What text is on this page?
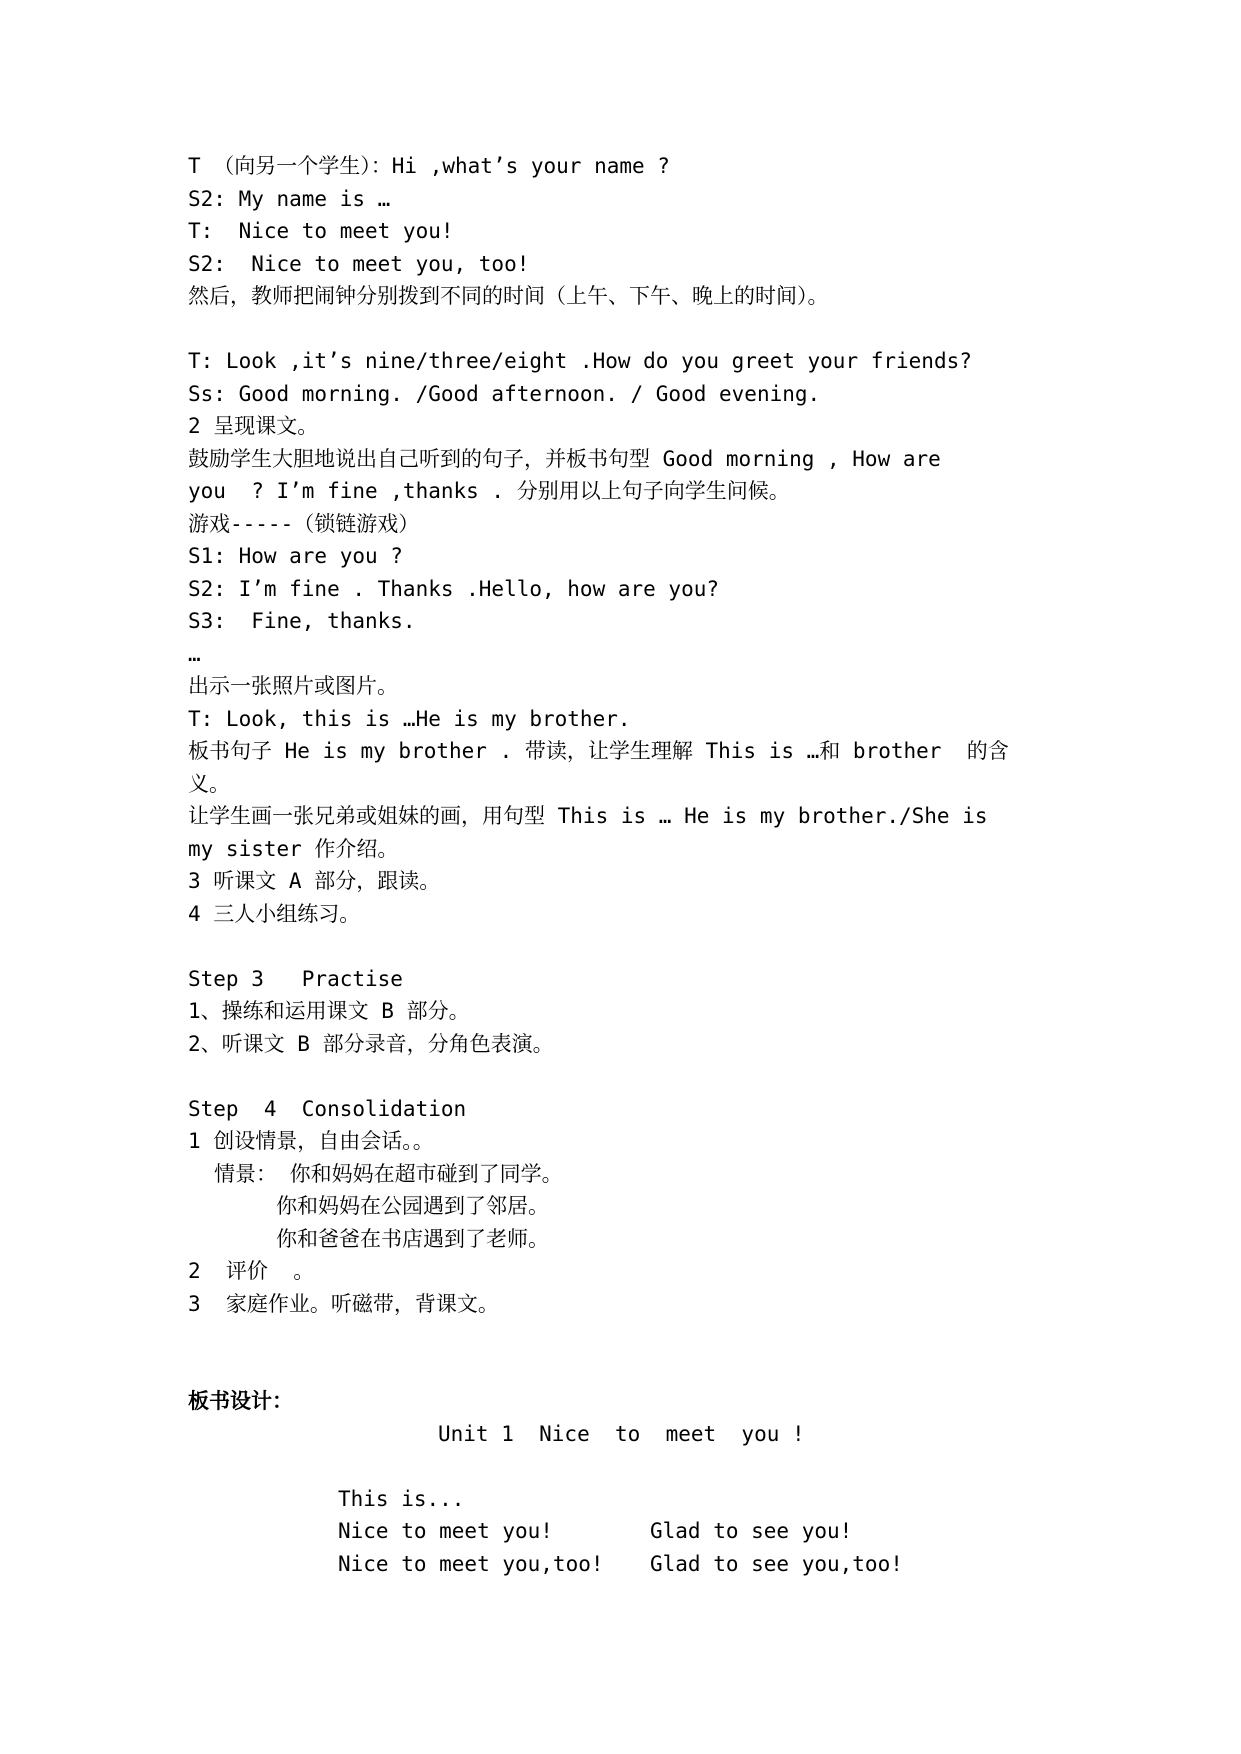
T （向另一个学生）：Hi ,what’s your name ?
S2: My name is …
T:  Nice to meet you!
S2:  Nice to meet you, too!
然后，教师把闹钟分别拨到不同的时间（上午、下午、晚上的时间）。
T: Look ,it’s nine/three/eight .How do you greet your friends?
Ss: Good morning. /Good afternoon. / Good evening.
2 呈现课文。
鼓励学生大胆地说出自己听到的句子，并板书句型 Good morning , How are
you  ? I’m fine ,thanks . 分别用以上句子向学生问候。
游戏-----（锁链游戏）
S1: How are you ?
S2: I’m fine . Thanks .Hello, how are you?
S3:  Fine, thanks.
…
出示一张照片或图片。
T: Look, this is …He is my brother.
板书句子 He is my brother . 带读，让学生理解 This is …和 brother  的含
义。
让学生画一张兄弟或姐妹的画，用句型 This is … He is my brother./She is
my sister 作介绍。
3 听课文 A 部分，跟读。
4 三人小组练习。
Step 3   Practise
1、操练和运用课文 B 部分。
2、听课文 B 部分录音，分角色表演。
Step  4  Consolidation
1 创设情景，自由会话。。
情景： 你和妈妈在超市碰到了同学。
你和妈妈在公园遇到了邻居。
你和爸爸在书店遇到了老师。
2  评价  。
3  家庭作业。听磁带，背课文。
板书设计：
Unit 1  Nice  to  meet  you !
This is...
Nice to meet you!	Glad to see you!
Nice to meet you,too!	Glad to see you,too!
